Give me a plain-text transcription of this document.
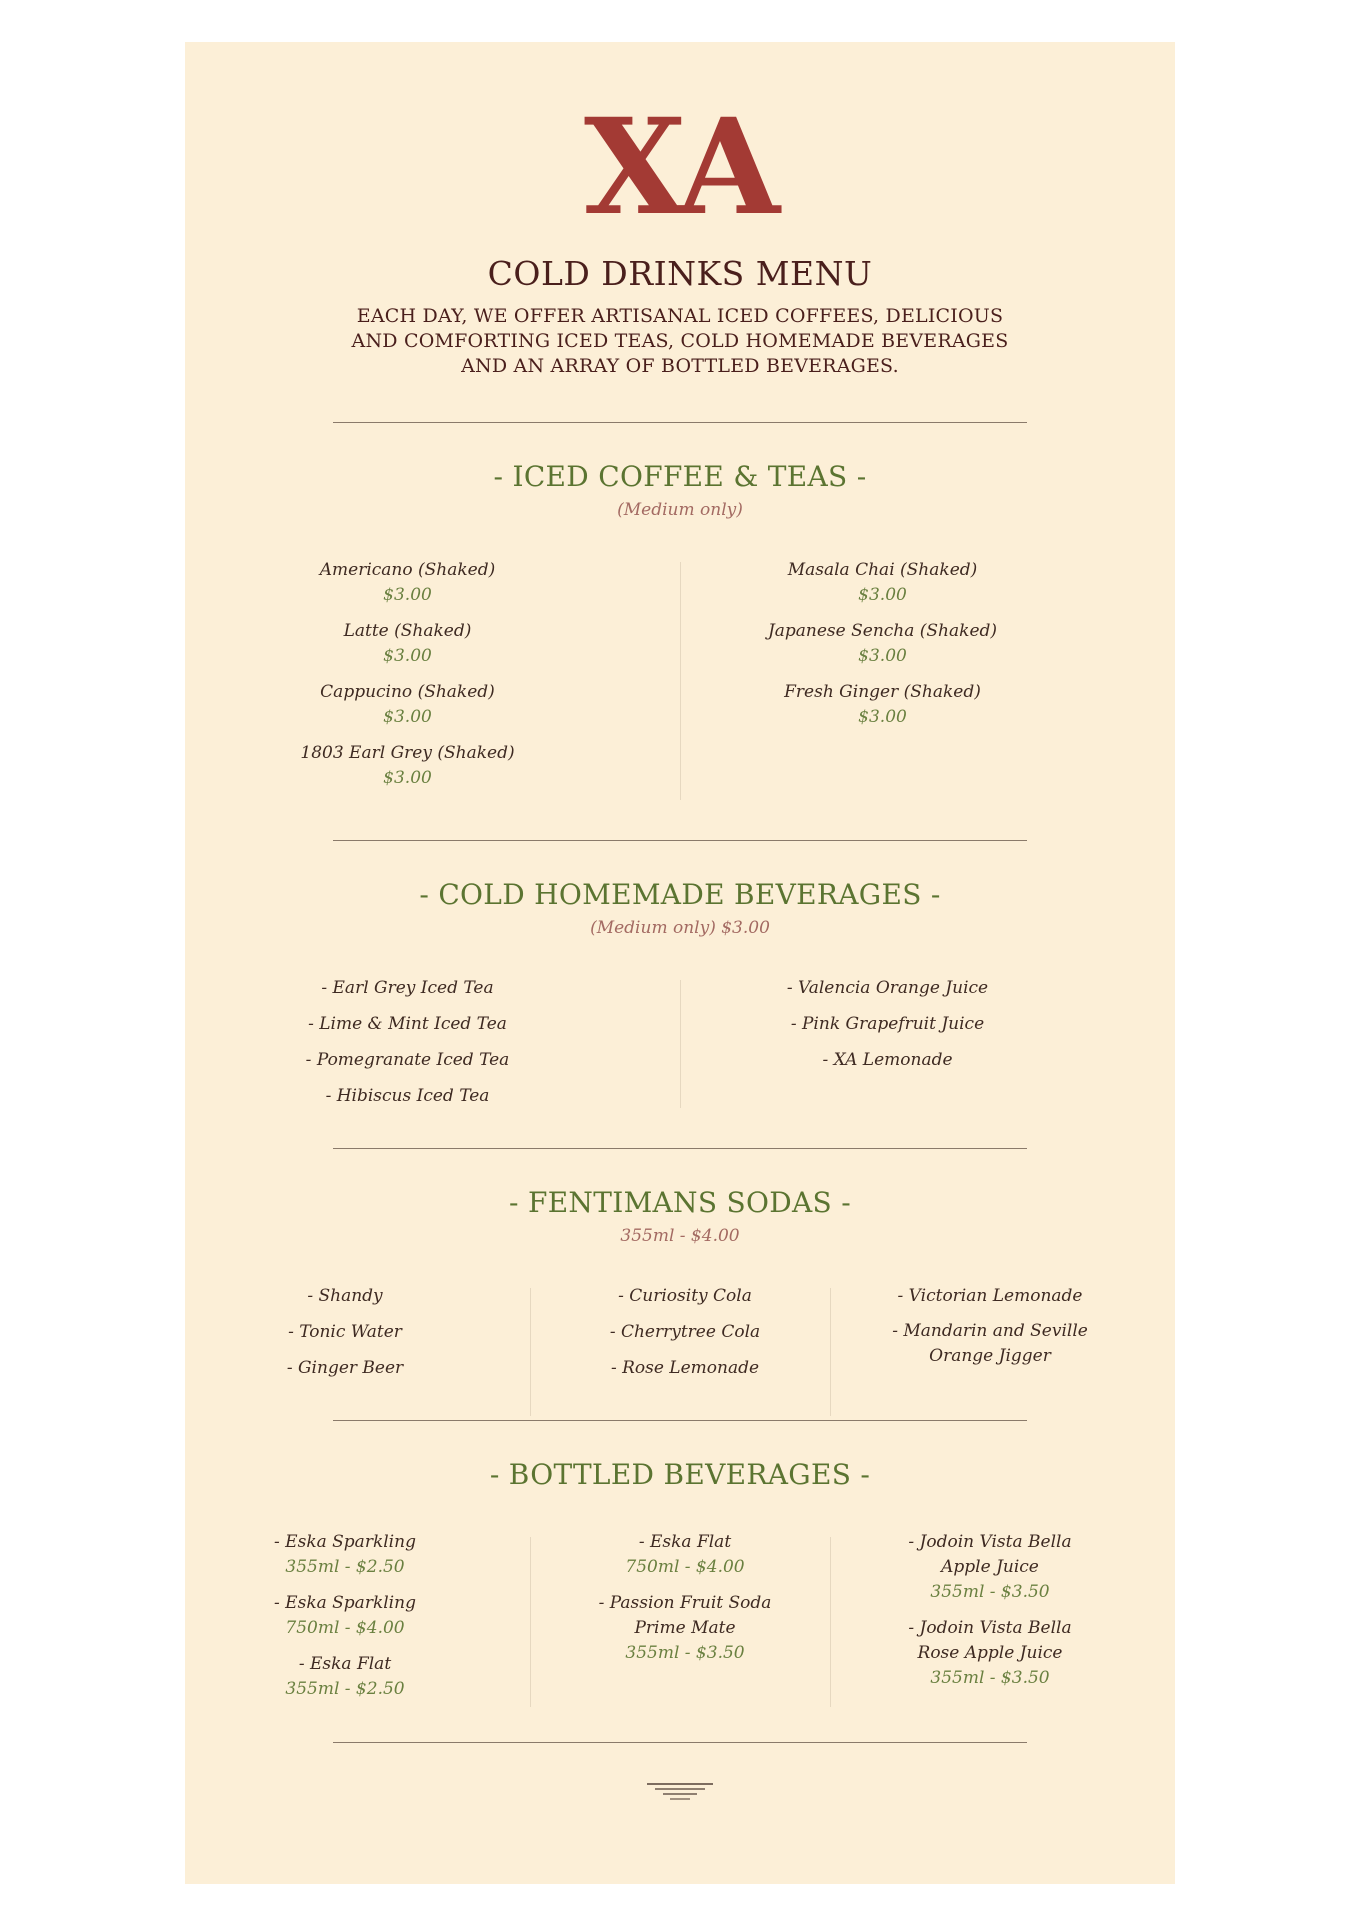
XA
COLD DRINKS MENU
EACH DAY, WE OFFER ARTISANAL ICED COFFEES, DELICIOUS AND COMFORTING ICED TEAS, COLD HOMEMADE BEVERAGES AND AN ARRAY OF BOTTLED BEVERAGES.
- ICED COFFEE & TEAS -
(Medium only)
Americano (Shaked)
$3.00
Latte (Shaked)
$3.00
Cappucino (Shaked)
$3.00
1803 Earl Grey (Shaked)
$3.00
Masala Chai (Shaked)
$3.00
Japanese Sencha (Shaked)
$3.00
Fresh Ginger (Shaked)
$3.00
- COLD HOMEMADE BEVERAGES -
(Medium only) $3.00
- Earl Grey Iced Tea
- Lime & Mint Iced Tea
- Pomegranate Iced Tea
- Hibiscus Iced Tea
- Valencia Orange Juice
- Pink Grapefruit Juice
- XA Lemonade
- FENTIMANS SODAS -
355ml - $4.00
- Shandy
- Tonic Water
- Ginger Beer
- Curiosity Cola
- Cherrytree Cola
- Rose Lemonade
- Victorian Lemonade
- Mandarin and Seville
Orange Jigger
- BOTTLED BEVERAGES -
- Eska Sparkling
355ml - $2.50
- Eska Sparkling
750ml - $4.00
- Eska Flat
355ml - $2.50
- Eska Flat
750ml - $4.00
- Passion Fruit Soda
Prime Mate
355ml - $3.50
- Jodoin Vista Bella
Apple Juice
355ml - $3.50
- Jodoin Vista Bella
Rose Apple Juice
355ml - $3.50
